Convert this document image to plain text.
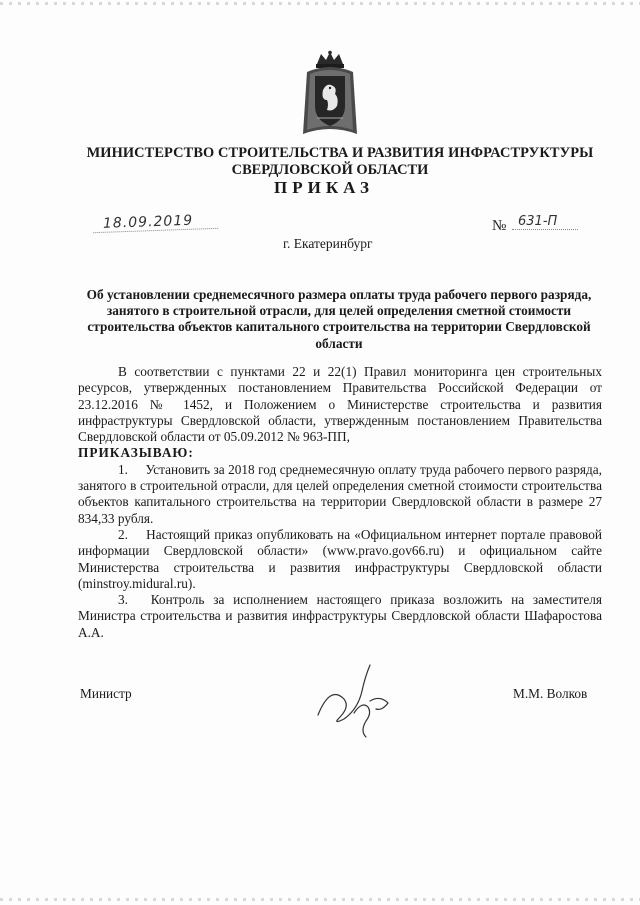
МИНИСТЕРСТВО СТРОИТЕЛЬСТВА И РАЗВИТИЯ ИНФРАСТРУКТУРЫ
СВЕРДЛОВСКОЙ ОБЛАСТИ
ПРИКАЗ
18.09.2019	№ 631-П
г. Екатеринбург
Об установлении среднемесячного размера оплаты труда рабочего первого разряда, занятого в строительной отрасли, для целей определения сметной стоимости строительства объектов капитального строительства на территории Свердловской области

В соответствии с пунктами 22 и 22(1) Правил мониторинга цен строительных ресурсов, утвержденных постановлением Правительства Российской Федерации от 23.12.2016 № 1452, и Положением о Министерстве строительства и развития инфраструктуры Свердловской области, утвержденным постановлением Правительства Свердловской области от 05.09.2012 № 963-ПП,

ПРИКАЗЫВАЮ:

1. Установить за 2018 год среднемесячную оплату труда рабочего первого разряда, занятого в строительной отрасли, для целей определения сметной стоимости строительства объектов капитального строительства на территории Свердловской области в размере 27 834,33 рубля.

2. Настоящий приказ опубликовать на «Официальном интернет портале правовой информации Свердловской области» (www.pravo.gov66.ru) и официальном сайте Министерства строительства и развития инфраструктуры Свердловской области (minstroy.midural.ru).

3. Контроль за исполнением настоящего приказа возложить на заместителя Министра строительства и развития инфраструктуры Свердловской области Шафаростова А.А.

Министр	М.М. Волков
